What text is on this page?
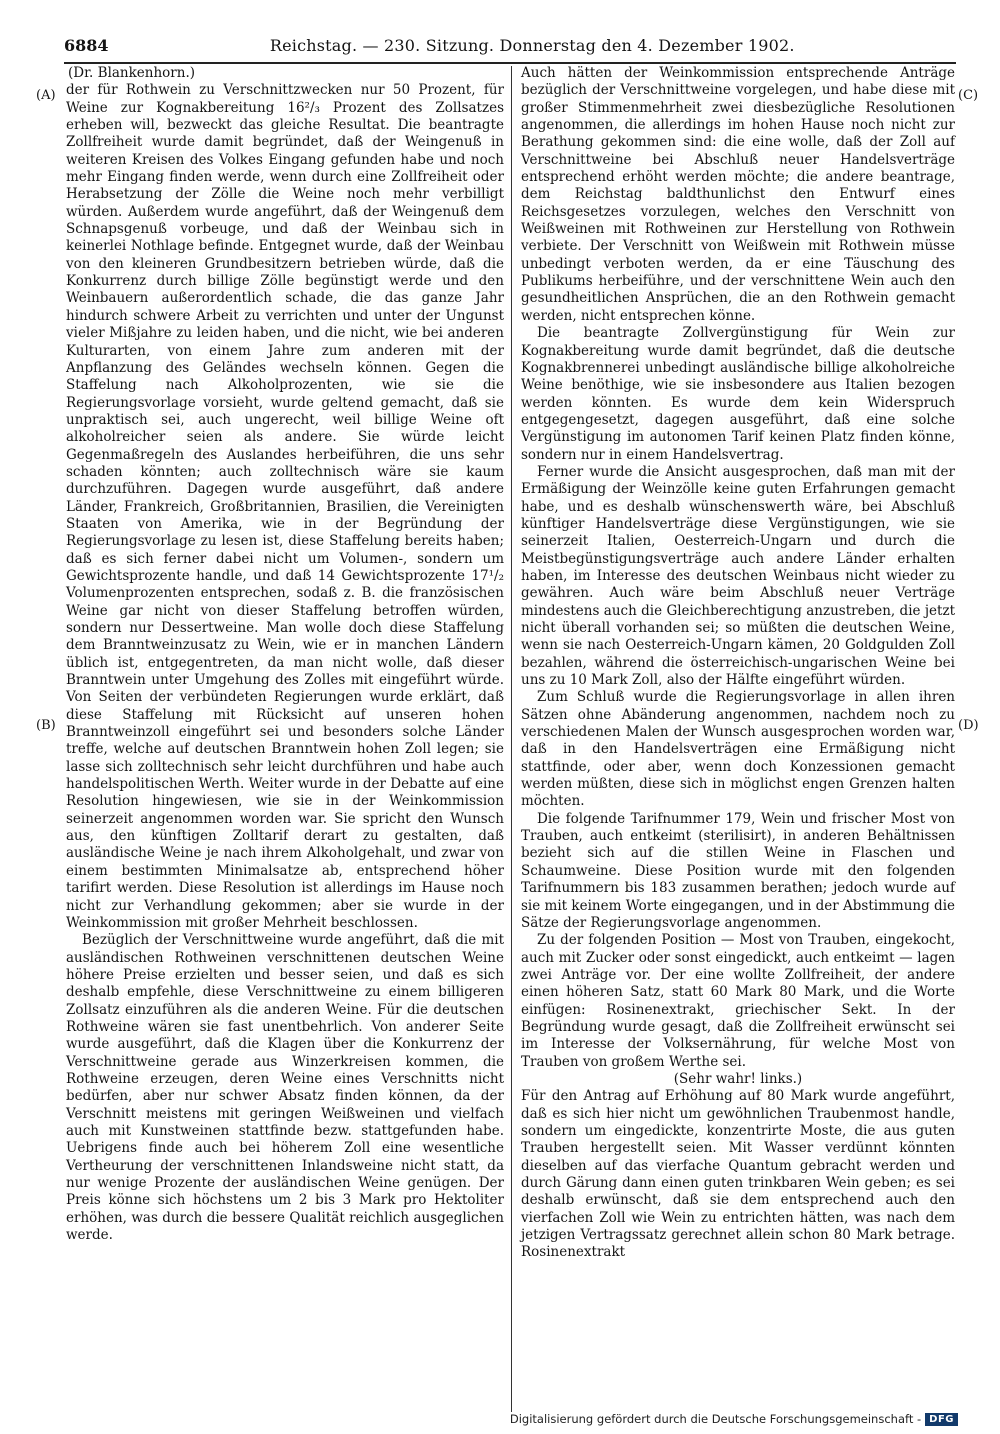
6884	Reichstag. — 230. Sitzung. Donnerstag den 4. Dezember 1902.
(A)
(B)
(C)
(D)

(Dr. Blankenhorn.)

der für Rothwein zu Verschnittzwecken nur 50 Prozent, für Weine zur Kognakbereitung 16²/₃ Prozent des Zollsatzes erheben will, bezweckt das gleiche Resultat. Die beantragte Zollfreiheit wurde damit begründet, daß der Weingenuß in weiteren Kreisen des Volkes Eingang gefunden habe und noch mehr Eingang finden werde, wenn durch eine Zollfreiheit oder Herabsetzung der Zölle die Weine noch mehr verbilligt würden. Außerdem wurde angeführt, daß der Weingenuß dem Schnapsgenuß vorbeuge, und daß der Weinbau sich in keinerlei Nothlage befinde. Entgegnet wurde, daß der Weinbau von den kleineren Grundbesitzern betrieben würde, daß die Konkurrenz durch billige Zölle begünstigt werde und den Weinbauern außerordentlich schade, die das ganze Jahr hindurch schwere Arbeit zu verrichten und unter der Ungunst vieler Mißjahre zu leiden haben, und die nicht, wie bei anderen Kulturarten, von einem Jahre zum anderen mit der Anpflanzung des Geländes wechseln können. Gegen die Staffelung nach Alkoholprozenten, wie sie die Regierungsvorlage vorsieht, wurde geltend gemacht, daß sie unpraktisch sei, auch ungerecht, weil billige Weine oft alkoholreicher seien als andere. Sie würde leicht Gegenmaßregeln des Auslandes herbeiführen, die uns sehr schaden könnten; auch zolltechnisch wäre sie kaum durchzuführen. Dagegen wurde ausgeführt, daß andere Länder, Frankreich, Großbritannien, Brasilien, die Vereinigten Staaten von Amerika, wie in der Begründung der Regierungsvorlage zu lesen ist, diese Staffelung bereits haben; daß es sich ferner dabei nicht um Volumen-, sondern um Gewichtsprozente handle, und daß 14 Gewichtsprozente 17¹/₂ Volumenprozenten entsprechen, sodaß z. B. die französischen Weine gar nicht von dieser Staffelung betroffen würden, sondern nur Dessertweine. Man wolle doch diese Staffelung dem Branntweinzusatz zu Wein, wie er in manchen Ländern üblich ist, entgegentreten, da man nicht wolle, daß dieser Branntwein unter Umgehung des Zolles mit eingeführt würde. Von Seiten der verbündeten Regierungen wurde erklärt, daß diese Staffelung mit Rücksicht auf unseren hohen Branntweinzoll eingeführt sei und besonders solche Länder treffe, welche auf deutschen Branntwein hohen Zoll legen; sie lasse sich zolltechnisch sehr leicht durchführen und habe auch handelspolitischen Werth. Weiter wurde in der Debatte auf eine Resolution hingewiesen, wie sie in der Weinkommission seinerzeit angenommen worden war. Sie spricht den Wunsch aus, den künftigen Zolltarif derart zu gestalten, daß ausländische Weine je nach ihrem Alkoholgehalt, und zwar von einem bestimmten Minimalsatze ab, entsprechend höher tarifirt werden. Diese Resolution ist allerdings im Hause noch nicht zur Verhandlung gekommen; aber sie wurde in der Weinkommission mit großer Mehrheit beschlossen.

Bezüglich der Verschnittweine wurde angeführt, daß die mit ausländischen Rothweinen verschnittenen deutschen Weine höhere Preise erzielten und besser seien, und daß es sich deshalb empfehle, diese Verschnittweine zu einem billigeren Zollsatz einzuführen als die anderen Weine. Für die deutschen Rothweine wären sie fast unentbehrlich. Von anderer Seite wurde ausgeführt, daß die Klagen über die Konkurrenz der Verschnittweine gerade aus Winzerkreisen kommen, die Rothweine erzeugen, deren Weine eines Verschnitts nicht bedürfen, aber nur schwer Absatz finden können, da der Verschnitt meistens mit geringen Weißweinen und vielfach auch mit Kunstweinen stattfinde bezw. stattgefunden habe. Uebrigens finde auch bei höherem Zoll eine wesentliche Vertheurung der verschnittenen Inlandsweine nicht statt, da nur wenige Prozente der ausländischen Weine genügen. Der Preis könne sich höchstens um 2 bis 3 Mark pro Hektoliter erhöhen, was durch die bessere Qualität reichlich ausgeglichen werde.

Auch hätten der Weinkommission entsprechende Anträge bezüglich der Verschnittweine vorgelegen, und habe diese mit großer Stimmenmehrheit zwei diesbezügliche Resolutionen angenommen, die allerdings im hohen Hause noch nicht zur Berathung gekommen sind: die eine wolle, daß der Zoll auf Verschnittweine bei Abschluß neuer Handelsverträge entsprechend erhöht werden möchte; die andere beantrage, dem Reichstag baldthunlichst den Entwurf eines Reichsgesetzes vorzulegen, welches den Verschnitt von Weißweinen mit Rothweinen zur Herstellung von Rothwein verbiete. Der Verschnitt von Weißwein mit Rothwein müsse unbedingt verboten werden, da er eine Täuschung des Publikums herbeiführe, und der verschnittene Wein auch den gesundheitlichen Ansprüchen, die an den Rothwein gemacht werden, nicht entsprechen könne.

Die beantragte Zollvergünstigung für Wein zur Kognakbereitung wurde damit begründet, daß die deutsche Kognakbrennerei unbedingt ausländische billige alkoholreiche Weine benöthige, wie sie insbesondere aus Italien bezogen werden könnten. Es wurde dem kein Widerspruch entgegengesetzt, dagegen ausgeführt, daß eine solche Vergünstigung im autonomen Tarif keinen Platz finden könne, sondern nur in einem Handelsvertrag.

Ferner wurde die Ansicht ausgesprochen, daß man mit der Ermäßigung der Weinzölle keine guten Erfahrungen gemacht habe, und es deshalb wünschenswerth wäre, bei Abschluß künftiger Handelsverträge diese Vergünstigungen, wie sie seinerzeit Italien, Oesterreich-Ungarn und durch die Meistbegünstigungsverträge auch andere Länder erhalten haben, im Interesse des deutschen Weinbaus nicht wieder zu gewähren. Auch wäre beim Abschluß neuer Verträge mindestens auch die Gleichberechtigung anzustreben, die jetzt nicht überall vorhanden sei; so müßten die deutschen Weine, wenn sie nach Oesterreich-Ungarn kämen, 20 Goldgulden Zoll bezahlen, während die österreichisch-ungarischen Weine bei uns zu 10 Mark Zoll, also der Hälfte eingeführt würden.

Zum Schluß wurde die Regierungsvorlage in allen ihren Sätzen ohne Abänderung angenommen, nachdem noch zu verschiedenen Malen der Wunsch ausgesprochen worden war, daß in den Handelsverträgen eine Ermäßigung nicht stattfinde, oder aber, wenn doch Konzessionen gemacht werden müßten, diese sich in möglichst engen Grenzen halten möchten.

Die folgende Tarifnummer 179, Wein und frischer Most von Trauben, auch entkeimt (sterilisirt), in anderen Behältnissen bezieht sich auf die stillen Weine in Flaschen und Schaumweine. Diese Position wurde mit den folgenden Tarifnummern bis 183 zusammen berathen; jedoch wurde auf sie mit keinem Worte eingegangen, und in der Abstimmung die Sätze der Regierungsvorlage angenommen.

Zu der folgenden Position — Most von Trauben, eingekocht, auch mit Zucker oder sonst eingedickt, auch entkeimt — lagen zwei Anträge vor. Der eine wollte Zollfreiheit, der andere einen höheren Satz, statt 60 Mark 80 Mark, und die Worte einfügen: Rosinenextrakt, griechischer Sekt. In der Begründung wurde gesagt, daß die Zollfreiheit erwünscht sei im Interesse der Volksernährung, für welche Most von Trauben von großem Werthe sei.

(Sehr wahr! links.)

Für den Antrag auf Erhöhung auf 80 Mark wurde angeführt, daß es sich hier nicht um gewöhnlichen Traubenmost handle, sondern um eingedickte, konzentrirte Moste, die aus guten Trauben hergestellt seien. Mit Wasser verdünnt könnten dieselben auf das vierfache Quantum gebracht werden und durch Gärung dann einen guten trinkbaren Wein geben; es sei deshalb erwünscht, daß sie dem entsprechend auch den vierfachen Zoll wie Wein zu entrichten hätten, was nach dem jetzigen Vertragssatz gerechnet allein schon 80 Mark betrage. Rosinenextrakt

Digitalisierung gefördert durch die Deutsche Forschungsgemeinschaft - DFG
